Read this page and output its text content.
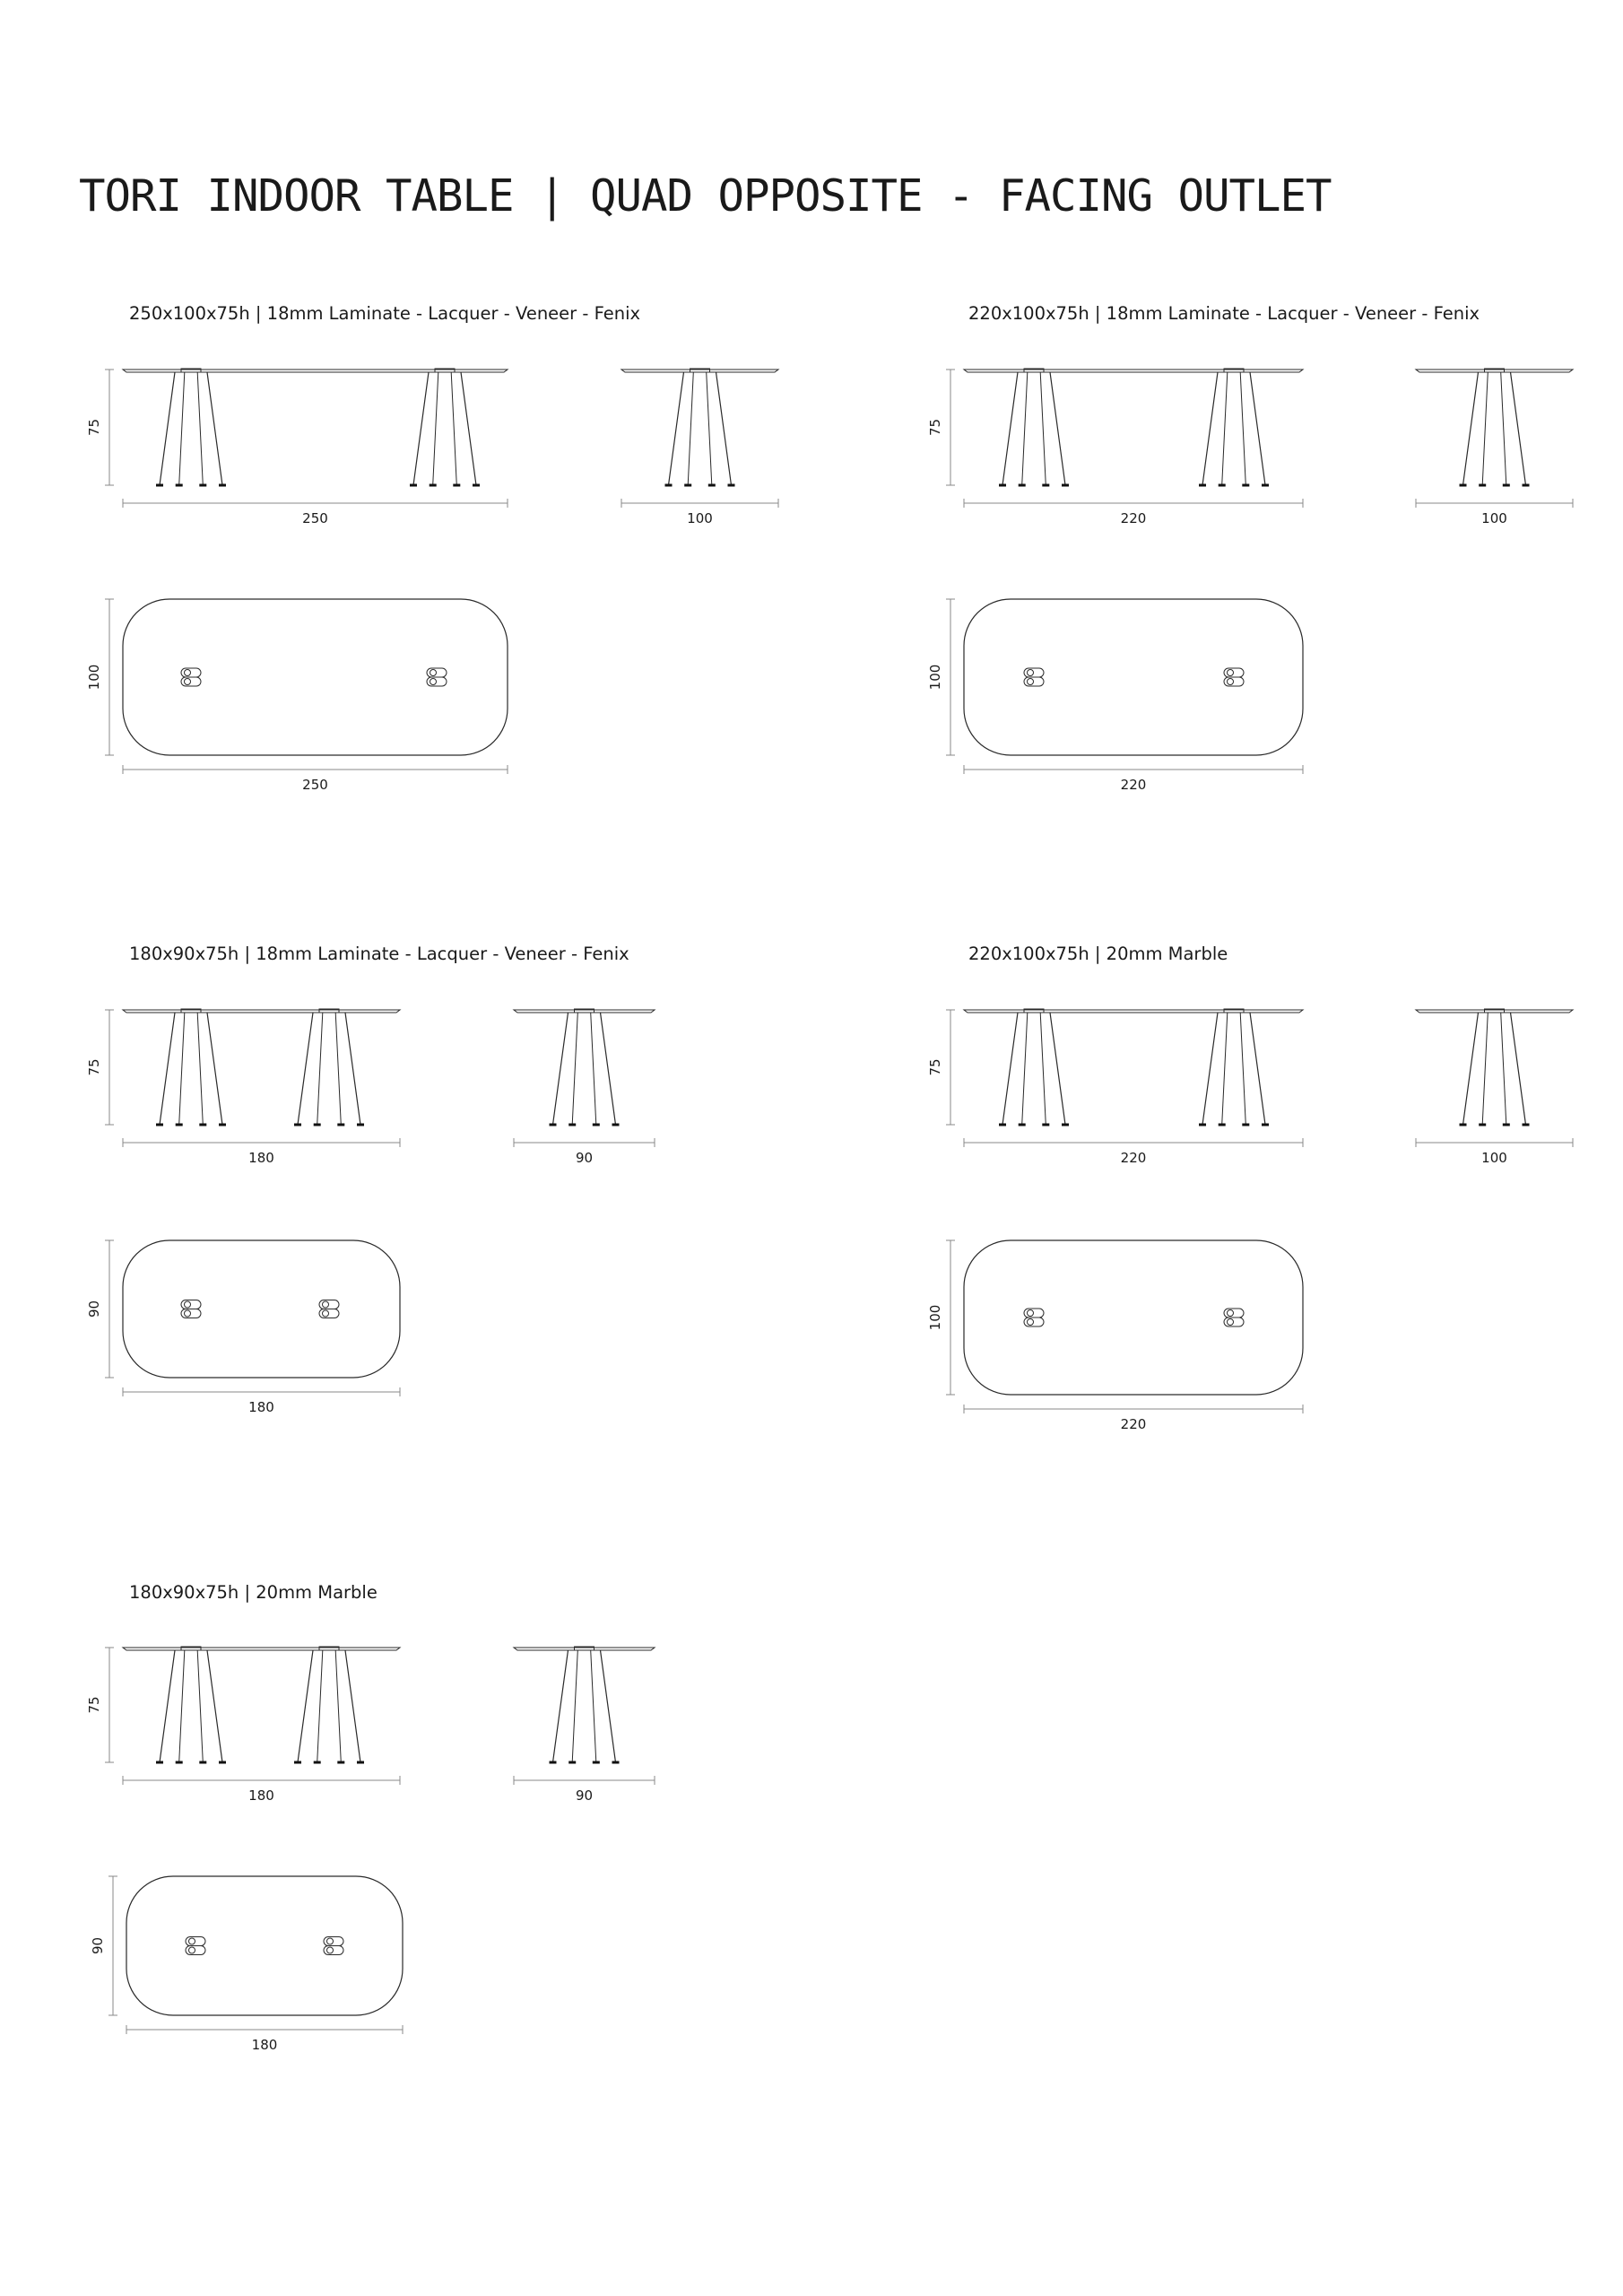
TORI INDOOR TABLE | QUAD OPPOSITE - FACING OUTLET
250x100x75h | 18mm Laminate - Lacquer - Veneer - Fenix	220x100x75h | 18mm Laminate - Lacquer - Veneer - Fenix
180x90x75h | 18mm Laminate - Lacquer - Veneer - Fenix	220x100x75h | 20mm Marble
180x90x75h | 20mm Marble
250
75
100
250
100
220
75
100
220
100
180
75
90
180
90
220
75
100
220
100
180
75
90
180
90
